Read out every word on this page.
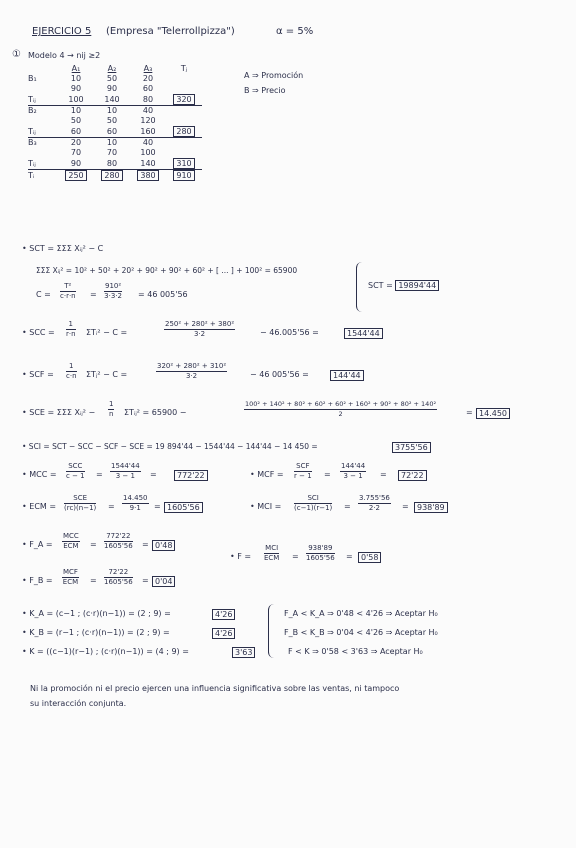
EJERCICIO 5 (Empresa "Telerrollpizza")	α = 5%
① Modelo 4 → nij ≥2
A ⇒ Promoción
B ⇒ Precio
	A₁	A₂	A₃	Tⱼ
B₁	10	50	20	
	90	90	60	
Tᵢⱼ	100	140	80	320
B₂	10	10	40	
	50	50	120	
Tᵢⱼ	60	60	160	280
B₃	20	10	40	
	70	70	100	
Tᵢⱼ	90	80	140	310
Tᵢ	250	280	380	910
• SCT = ΣΣΣ Xᵢⱼ² − C
ΣΣΣ Xᵢⱼ² = 10² + 50² + 20² + 90² + 90² + 60² + [ ... ] + 100² = 65900
$C = \frac{\text{T²}}{c\cdot r\cdot n} = \frac{\text{910²}}{3\cdot 3\cdot 2} = 46$ 005'56
SCT = 19894'44
• SCC = $\frac{1}{r\cdot n}$ ΣTᵢ² − C =	$\frac{\text{250² + 280² + 380²}}{3\cdot 2}$	− 46.005'56 =	1544'44
• SCF = $\frac{1}{c\cdot n}$ ΣTⱼ² − C =	$\frac{\text{320² + 280² + 310²}}{3\cdot 2}$	− 46 005'56 =	144'44
• SCE = ΣΣΣ Xᵢⱼ² − $\frac{1}{n}$ ΣTᵢⱼ² = 65900 −	$\frac{\text{100² + 140² + 80² + 60² + 60² + 160² + 90² + 80² + 140²}}{2}$	= 14.450
• SCI = SCT − SCC − SCF − SCE = 19 894'44 − 1544'44 − 144'44 − 14 450 =	3755'56
• MCC =
SCC
$c - 1 = \frac{1544'44}{3 - 1}$ =	772'22	• MCF =
SCF
$r - 1 = \frac{144'44}{3 - 1}$ =	72'22
• ECM =
SCE
$(rc)(n-1) = \frac{14.450}{9\cdot 1} = 1605'56$	• MCI =
SCI
$(c-1)(r-1) = \frac{3.755'56}{2\cdot 2}$ =	938'89
• F_A =
MCC
ECM = $\frac{772'22}{1605'56} = 0'48$
• F =
MCI
ECM = $\frac{938'89}{1605'56}$ =	0'58
• F_B =
MCF
ECM = $\frac{72'22}{1605'56} = 0'04$
• K_A = (c−1 ; (c·r)(n−1)) = (2 ; 9) =	4'26
• K_B = (r−1 ; (c·r)(n−1)) = (2 ; 9) =	4'26
• K = ((c−1)(r−1) ; (c·r)(n−1)) = (4 ; 9) =	3'63
F_A < K_A ⇒ 0'48 < 4'26 ⇒ Aceptar H₀
F_B < K_B ⇒ 0'04 < 4'26 ⇒ Aceptar H₀
F < K ⇒ 0'58 < 3'63 ⇒ Aceptar H₀
Ni la promoción ni el precio ejercen una influencia significativa sobre las ventas, ni tampoco
su interacción conjunta.
